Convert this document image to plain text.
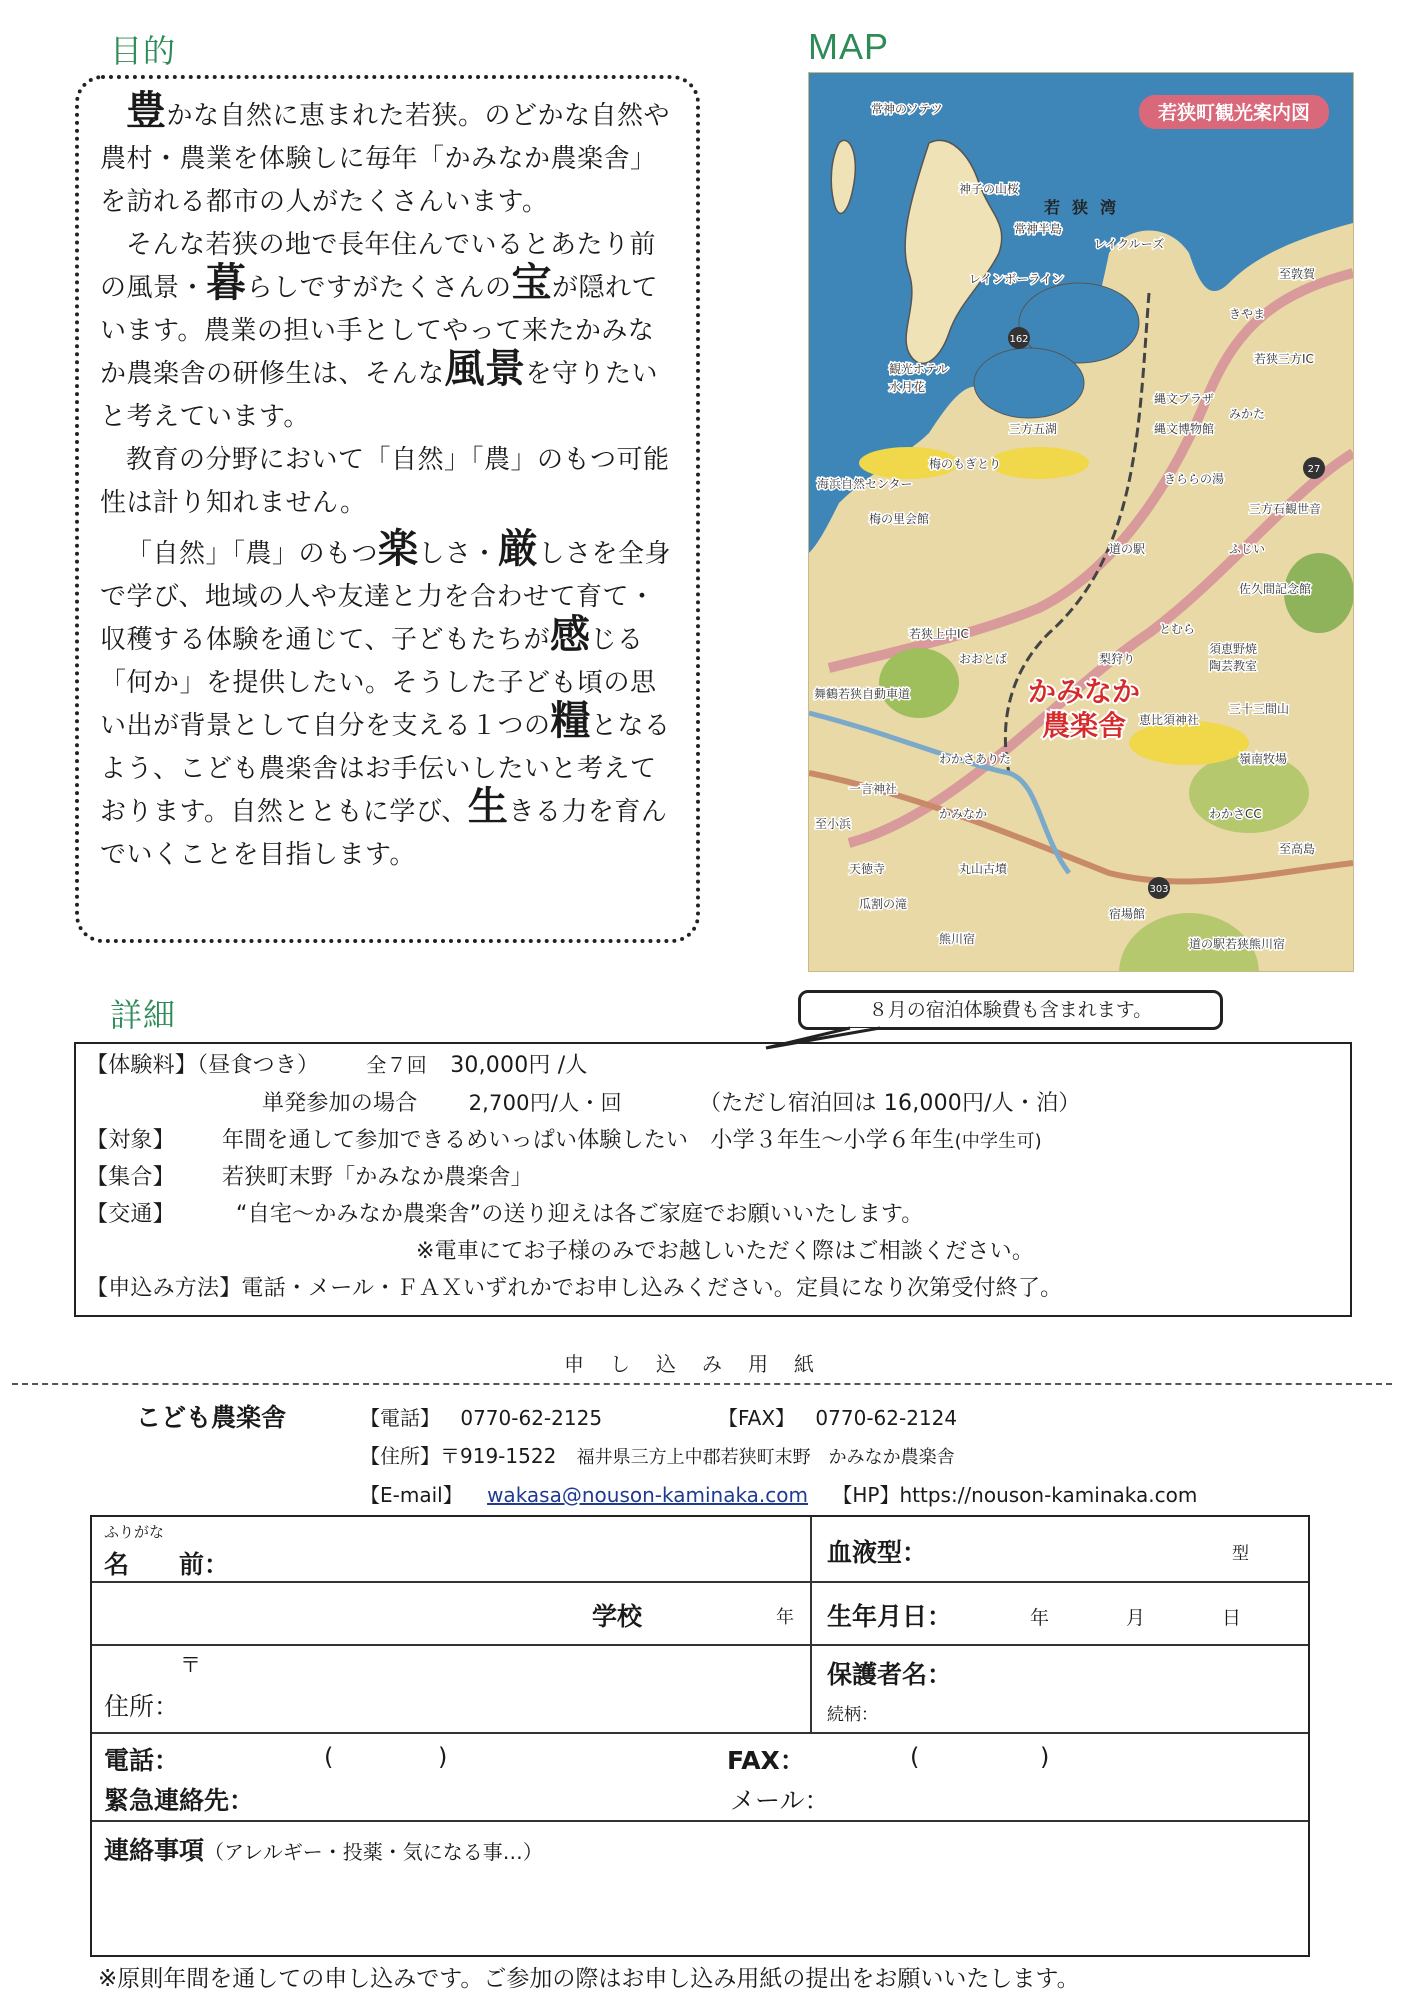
目的

豊かな自然に恵まれた若狭。のどかな自然や農村・農業を体験しに毎年「かみなか農楽舎」を訪れる都市の人がたくさんいます。

そんな若狭の地で長年住んでいるとあたり前の風景・暮らしですがたくさんの宝が隠れています。農業の担い手としてやって来たかみなか農楽舎の研修生は、そんな風景を守りたいと考えています。

教育の分野において「自然」「農」のもつ可能性は計り知れません。

「自然」「農」のもつ楽しさ・厳しさを全身で学び、地域の人や友達と力を合わせて育て・収穫する体験を通じて、子どもたちが感じる「何か」を提供したい。そうした子ども頃の思い出が背景として自分を支える１つの糧となるよう、こども農楽舎はお手伝いしたいと考えております。自然とともに学び、生きる力を育んでいくことを目指します。

MAP
若狭町観光案内図
若狭湾
かみなか
農楽舎
常神のソテツ
神子の山桜
常神半島
レインボーライン	至敦賀
レイクルーズ
観光ホテル
水月花
きやま
若狭三方IC
縄文プラザ
三方五湖
みかた
梅のもぎとり
縄文博物館
海浜自然センター
梅の里会館
きららの湯
三方石観世音
ふじい
道の駅
佐久間記念館
若狭上中IC	とむら
おおとば	梨狩り
須恵野焼
陶芸教室
舞鶴若狭自動車道
恵比須神社
三十三間山
わかさありた
一言神社
至小浜
嶺南牧場
かみなか	わかさCC
至高島
天徳寺	丸山古墳
瓜割の滝
熊川宿
宿場館
道の駅若狭熊川宿
162
27
303
詳細	８月の宿泊体験費も含まれます。
【体験料】（昼食つき） 全７回 30,000円 /人
単発参加の場合 2,700円/人・回	（ただし宿泊回は 16,000円/人・泊）
【対象】 年間を通して参加できるめいっぱい体験したい　小学３年生～小学６年生(中学生可)
【集合】 若狭町末野「かみなか農楽舎」
【交通】	“自宅～かみなか農楽舎”の送り迎えは各ご家庭でお願いいたします。
※電車にてお子様のみでお越しいただく際はご相談ください。
【申込み方法】電話・メール・ＦＡＸいずれかでお申し込みください。定員になり次第受付終了。
申し込み用紙
こども農楽舎	【電話】 0770-62-2125	【FAX】 0770-62-2124
【住所】〒919-1522 福井県三方上中郡若狭町末野　かみなか農楽舎
【E-mail】 wakasa@nouson-kaminaka.com 【HP】https://nouson-kaminaka.com
ふりがな
名　　前：	血液型：	型
学校	年 生年月日：	年	月	日
〒
住所：
保護者名：
続柄：
電話：	(	)	FAX：	(	)
緊急連絡先：	メール：
連絡事項（アレルギー・投薬・気になる事…）
※原則年間を通しての申し込みです。ご参加の際はお申し込み用紙の提出をお願いいたします。
